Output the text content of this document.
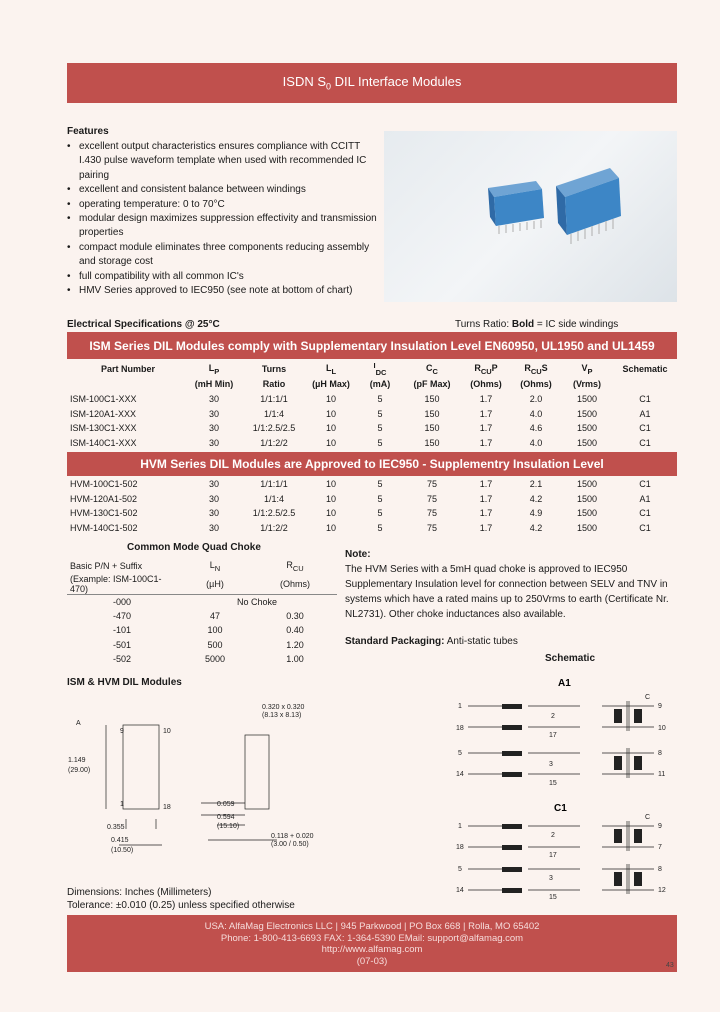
ISDN $S_0$ DIL Interface Modules
Features
• excellent output characteristics ensures compliance with CCITT I.430 pulse waveform template when used with recommended IC pairing
• excellent and consistent balance between windings
• operating temperature: 0 to 70°C
• modular design maximizes suppression effectivity and transmission properties
• compact module eliminates three components reducing assembly and storage cost
• full compatibility with all common IC's
• HMV Series approved to IEC950 (see note at bottom of chart)
Electrical Specifications @ 25°C	Turns Ratio: Bold = IC side windings
ISM Series DIL Modules comply with Supplementary Insulation Level EN60950, UL1950 and UL1459
Part Number	$L_P$	Turns	$L_L$	$^I_{DC}$	$C_C$	$R_{CU}P$	$R_{CU}S$	$V_P$	Schematic
	(mH Min)	Ratio	(µH Max)	(mA)	(pF Max)	(Ohms)	(Ohms)	(Vrms)	
ISM-100C1-XXX	30	1/1:1/1	10	5	150	1.7	2.0	1500	C1
ISM-120A1-XXX	30	1/1:4	10	5	150	1.7	4.0	1500	A1
ISM-130C1-XXX	30	1/1:2.5/2.5	10	5	150	1.7	4.6	1500	C1
ISM-140C1-XXX	30	1/1:2/2	10	5	150	1.7	4.0	1500	C1
HVM Series DIL Modules are Approved to IEC950 - Supplementry Insulation Level
HVM-100C1-502	30	1/1:1/1	10	5	75	1.7	2.1	1500	C1
HVM-120A1-502	30	1/1:4	10	5	75	1.7	4.2	1500	A1
HVM-130C1-502	30	1/1:2.5/2.5	10	5	75	1.7	4.9	1500	C1
HVM-140C1-502	30	1/1:2/2	10	5	75	1.7	4.2	1500	C1
Common Mode Quad Choke
Basic P/N + Suffix	$L_N$	$R_{CU}$
(Example: ISM-100C1-470)	(µH)	(Ohms)
-000	No Choke	
-470	47	0.30
-101	100	0.40
-501	500	1.20
-502	5000	1.00
Note:
The HVM Series with a 5mH quad choke is approved to IEC950 Supplementary Insulation level for connection between SELV and TNV in systems which have a rated mains up to 250Vrms to earth (Certificate Nr. NL2731). Other choke inductances also available.
Standard Packaging: Anti-static tubes
Schematic
A1
1
18
5
14
2
17
3
15
9
10
8
11
C
C1
1
18
5
14
2
17
3
15
9
7
8
12
C
ISM & HVM DIL Modules
A
9	10
1	18
1.149
(29.00)
0.059
0.594
(15.10)
0.355
0.415
(10.50)
0.320 x 0.320
(8.13 x 8.13)
0.118 + 0.020
(3.00 / 0.50)
Dimensions: Inches (Millimeters)
Tolerance: ±0.010 (0.25) unless specified otherwise
USA: AlfaMag Electronics LLC | 945 Parkwood | PO Box 668 | Rolla, MO 65402
Phone: 1-800-413-6693 FAX: 1-364-5390 EMail: support@alfamag.com
http://www.alfamag.com
(07-03)	43
